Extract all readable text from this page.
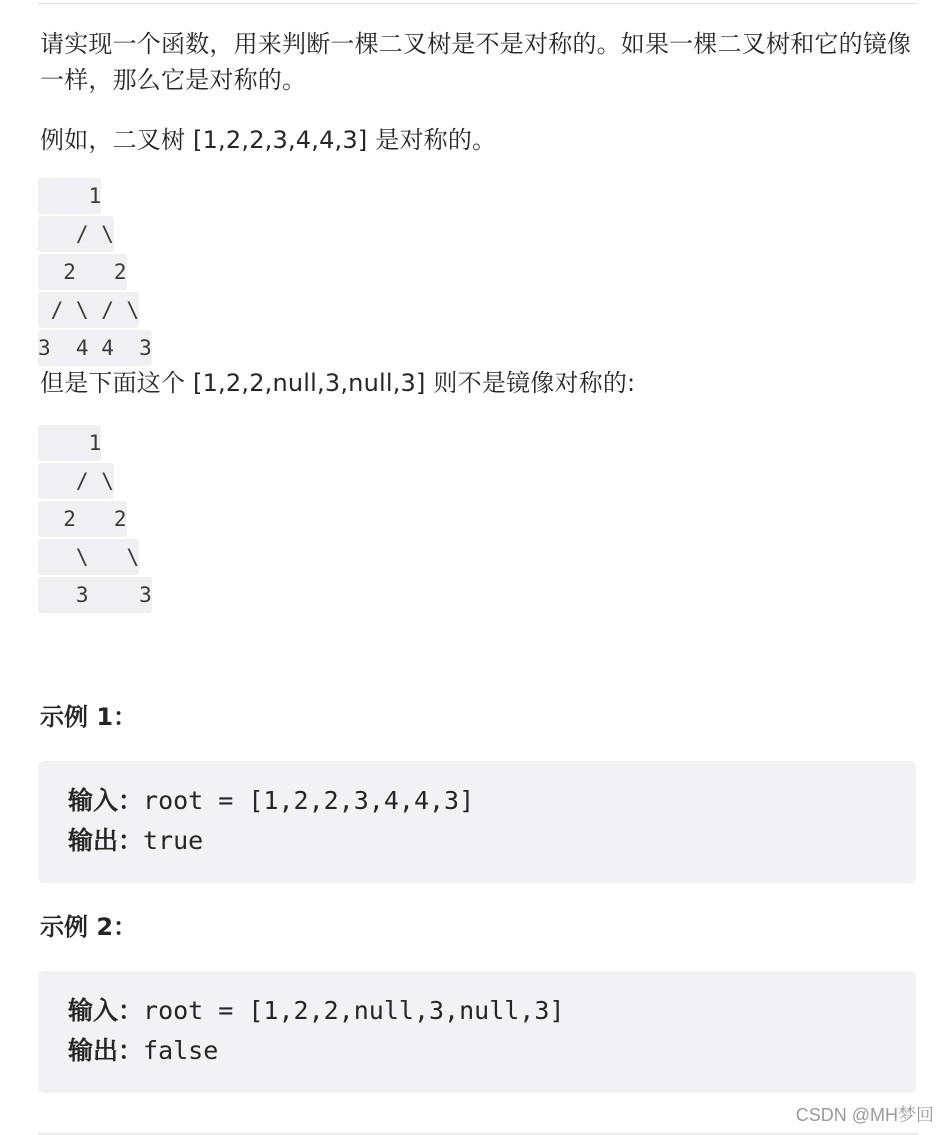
请实现一个函数，用来判断一棵二叉树是不是对称的。如果一棵二叉树和它的镜像一样，那么它是对称的。

例如，二叉树 [1,2,2,3,4,4,3] 是对称的。

1
/ \
2   2
/ \ / \
3  4 4  3

但是下面这个 [1,2,2,null,3,null,3] 则不是镜像对称的:

1
/ \
2   2
\   \
3    3

示例 1：

输入：root = [1,2,2,3,4,4,3]
输出：true

示例 2：

输入：root = [1,2,2,null,3,null,3]
输出：false
CSDN @MH梦回
